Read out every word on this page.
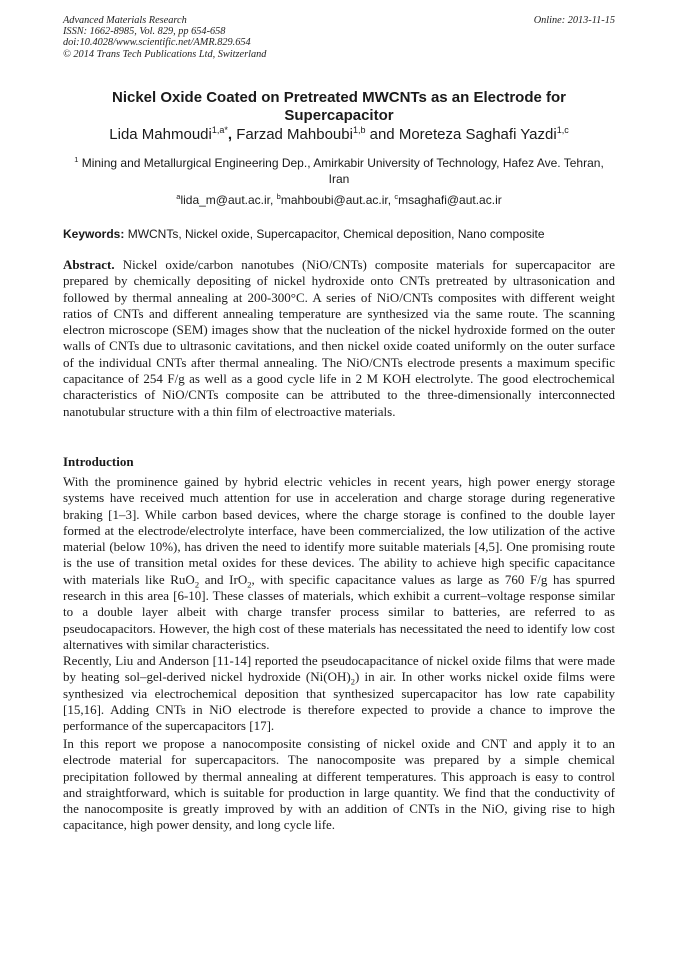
Advanced Materials Research
ISSN: 1662-8985, Vol. 829, pp 654-658
doi:10.4028/www.scientific.net/AMR.829.654
© 2014 Trans Tech Publications Ltd, Switzerland
Online: 2013-11-15
Nickel Oxide Coated on Pretreated MWCNTs as an Electrode for Supercapacitor
Lida Mahmoudi$^{1,a*}$, Farzad Mahboubi$^{1,b}$ and Moreteza Saghafi Yazdi$^{1,c}$
$^1$ Mining and Metallurgical Engineering Dep., Amirkabir University of Technology, Hafez Ave. Tehran, Iran
$^a$lida_m@aut.ac.ir, $^b$mahboubi@aut.ac.ir, $^c$msaghafi@aut.ac.ir
Keywords: MWCNTs, Nickel oxide, Supercapacitor, Chemical deposition, Nano composite
Abstract. Nickel oxide/carbon nanotubes (NiO/CNTs) composite materials for supercapacitor are prepared by chemically depositing of nickel hydroxide onto CNTs pretreated by ultrasonication and followed by thermal annealing at 200-300°C. A series of NiO/CNTs composites with different weight ratios of CNTs and different annealing temperature are synthesized via the same route. The scanning electron microscope (SEM) images show that the nucleation of the nickel hydroxide formed on the outer walls of CNTs due to ultrasonic cavitations, and then nickel oxide coated uniformly on the outer surface of the individual CNTs after thermal annealing. The NiO/CNTs electrode presents a maximum specific capacitance of 254 F/g as well as a good cycle life in 2 M KOH electrolyte. The good electrochemical characteristics of NiO/CNTs composite can be attributed to the three-dimensionally interconnected nanotubular structure with a thin film of electroactive materials.
Introduction
With the prominence gained by hybrid electric vehicles in recent years, high power energy storage systems have received much attention for use in acceleration and charge storage during regenerative braking [1–3]. While carbon based devices, where the charge storage is confined to the double layer formed at the electrode/electrolyte interface, have been commercialized, the low utilization of the active material (below 10%), has driven the need to identify more suitable materials [4,5]. One promising route is the use of transition metal oxides for these devices. The ability to achieve high specific capacitance with materials like RuO$_2$ and IrO$_2$, with specific capacitance values as large as 760 F/g has spurred research in this area [6-10]. These classes of materials, which exhibit a current–voltage response similar to a double layer albeit with charge transfer process similar to batteries, are referred to as pseudocapacitors. However, the high cost of these materials has necessitated the need to identify low cost alternatives with similar characteristics.
Recently, Liu and Anderson [11-14] reported the pseudocapacitance of nickel oxide films that were made by heating sol–gel-derived nickel hydroxide $(Ni(OH)_2)$ in air. In other works nickel oxide films were synthesized via electrochemical deposition that synthesized supercapacitor has low rate capability [15,16]. Adding CNTs in NiO electrode is therefore expected to provide a chance to improve the performance of the supercapacitors [17].
In this report we propose a nanocomposite consisting of nickel oxide and CNT and apply it to an electrode material for supercapacitors. The nanocomposite was prepared by a simple chemical precipitation followed by thermal annealing at different temperatures. This approach is easy to control and straightforward, which is suitable for production in large quantity. We find that the conductivity of the nanocomposite is greatly improved by with an addition of CNTs in the NiO, giving rise to high capacitance, high power density, and long cycle life.
